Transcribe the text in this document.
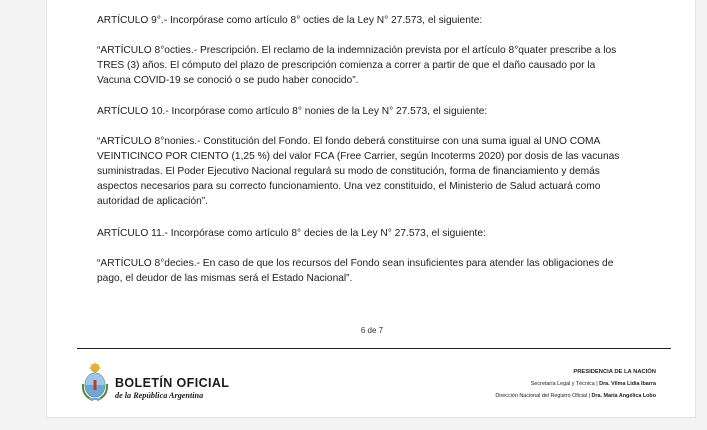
ARTÍCULO 9°.- Incorpórase como artículo 8° octies de la Ley N° 27.573, el siguiente:

“ARTÍCULO 8°octies.- Prescripción. El reclamo de la indemnización prevista por el artículo 8°quater prescribe a los
TRES (3) años. El cómputo del plazo de prescripción comienza a correr a partir de que el daño causado por la
Vacuna COVID-19 se conoció o se pudo haber conocido”.

ARTÍCULO 10.- Incorpórase como artículo 8° nonies de la Ley N° 27.573, el siguiente:

“ARTÍCULO 8°nonies.- Constitución del Fondo. El fondo deberá constituirse con una suma igual al UNO COMA
VEINTICINCO POR CIENTO (1,25 %) del valor FCA (Free Carrier, según Incoterms 2020) por dosis de las vacunas
suministradas. El Poder Ejecutivo Nacional regulará su modo de constitución, forma de financiamiento y demás
aspectos necesarios para su correcto funcionamiento. Una vez constituido, el Ministerio de Salud actuará como
autoridad de aplicación”.

ARTÍCULO 11.- Incorpórase como artículo 8° decies de la Ley N° 27.573, el siguiente:

“ARTÍCULO 8°decies.- En caso de que los recursos del Fondo sean insuficientes para atender las obligaciones de
pago, el deudor de las mismas será el Estado Nacional”.

6 de 7
BOLETÍN OFICIAL
de la República Argentina
PRESIDENCIA DE LA NACIÓN
Secretaría Legal y Técnica | Dra. Vilma Lidia Ibarra
Dirección Nacional del Registro Oficial | Dra. María Angélica Lobo
